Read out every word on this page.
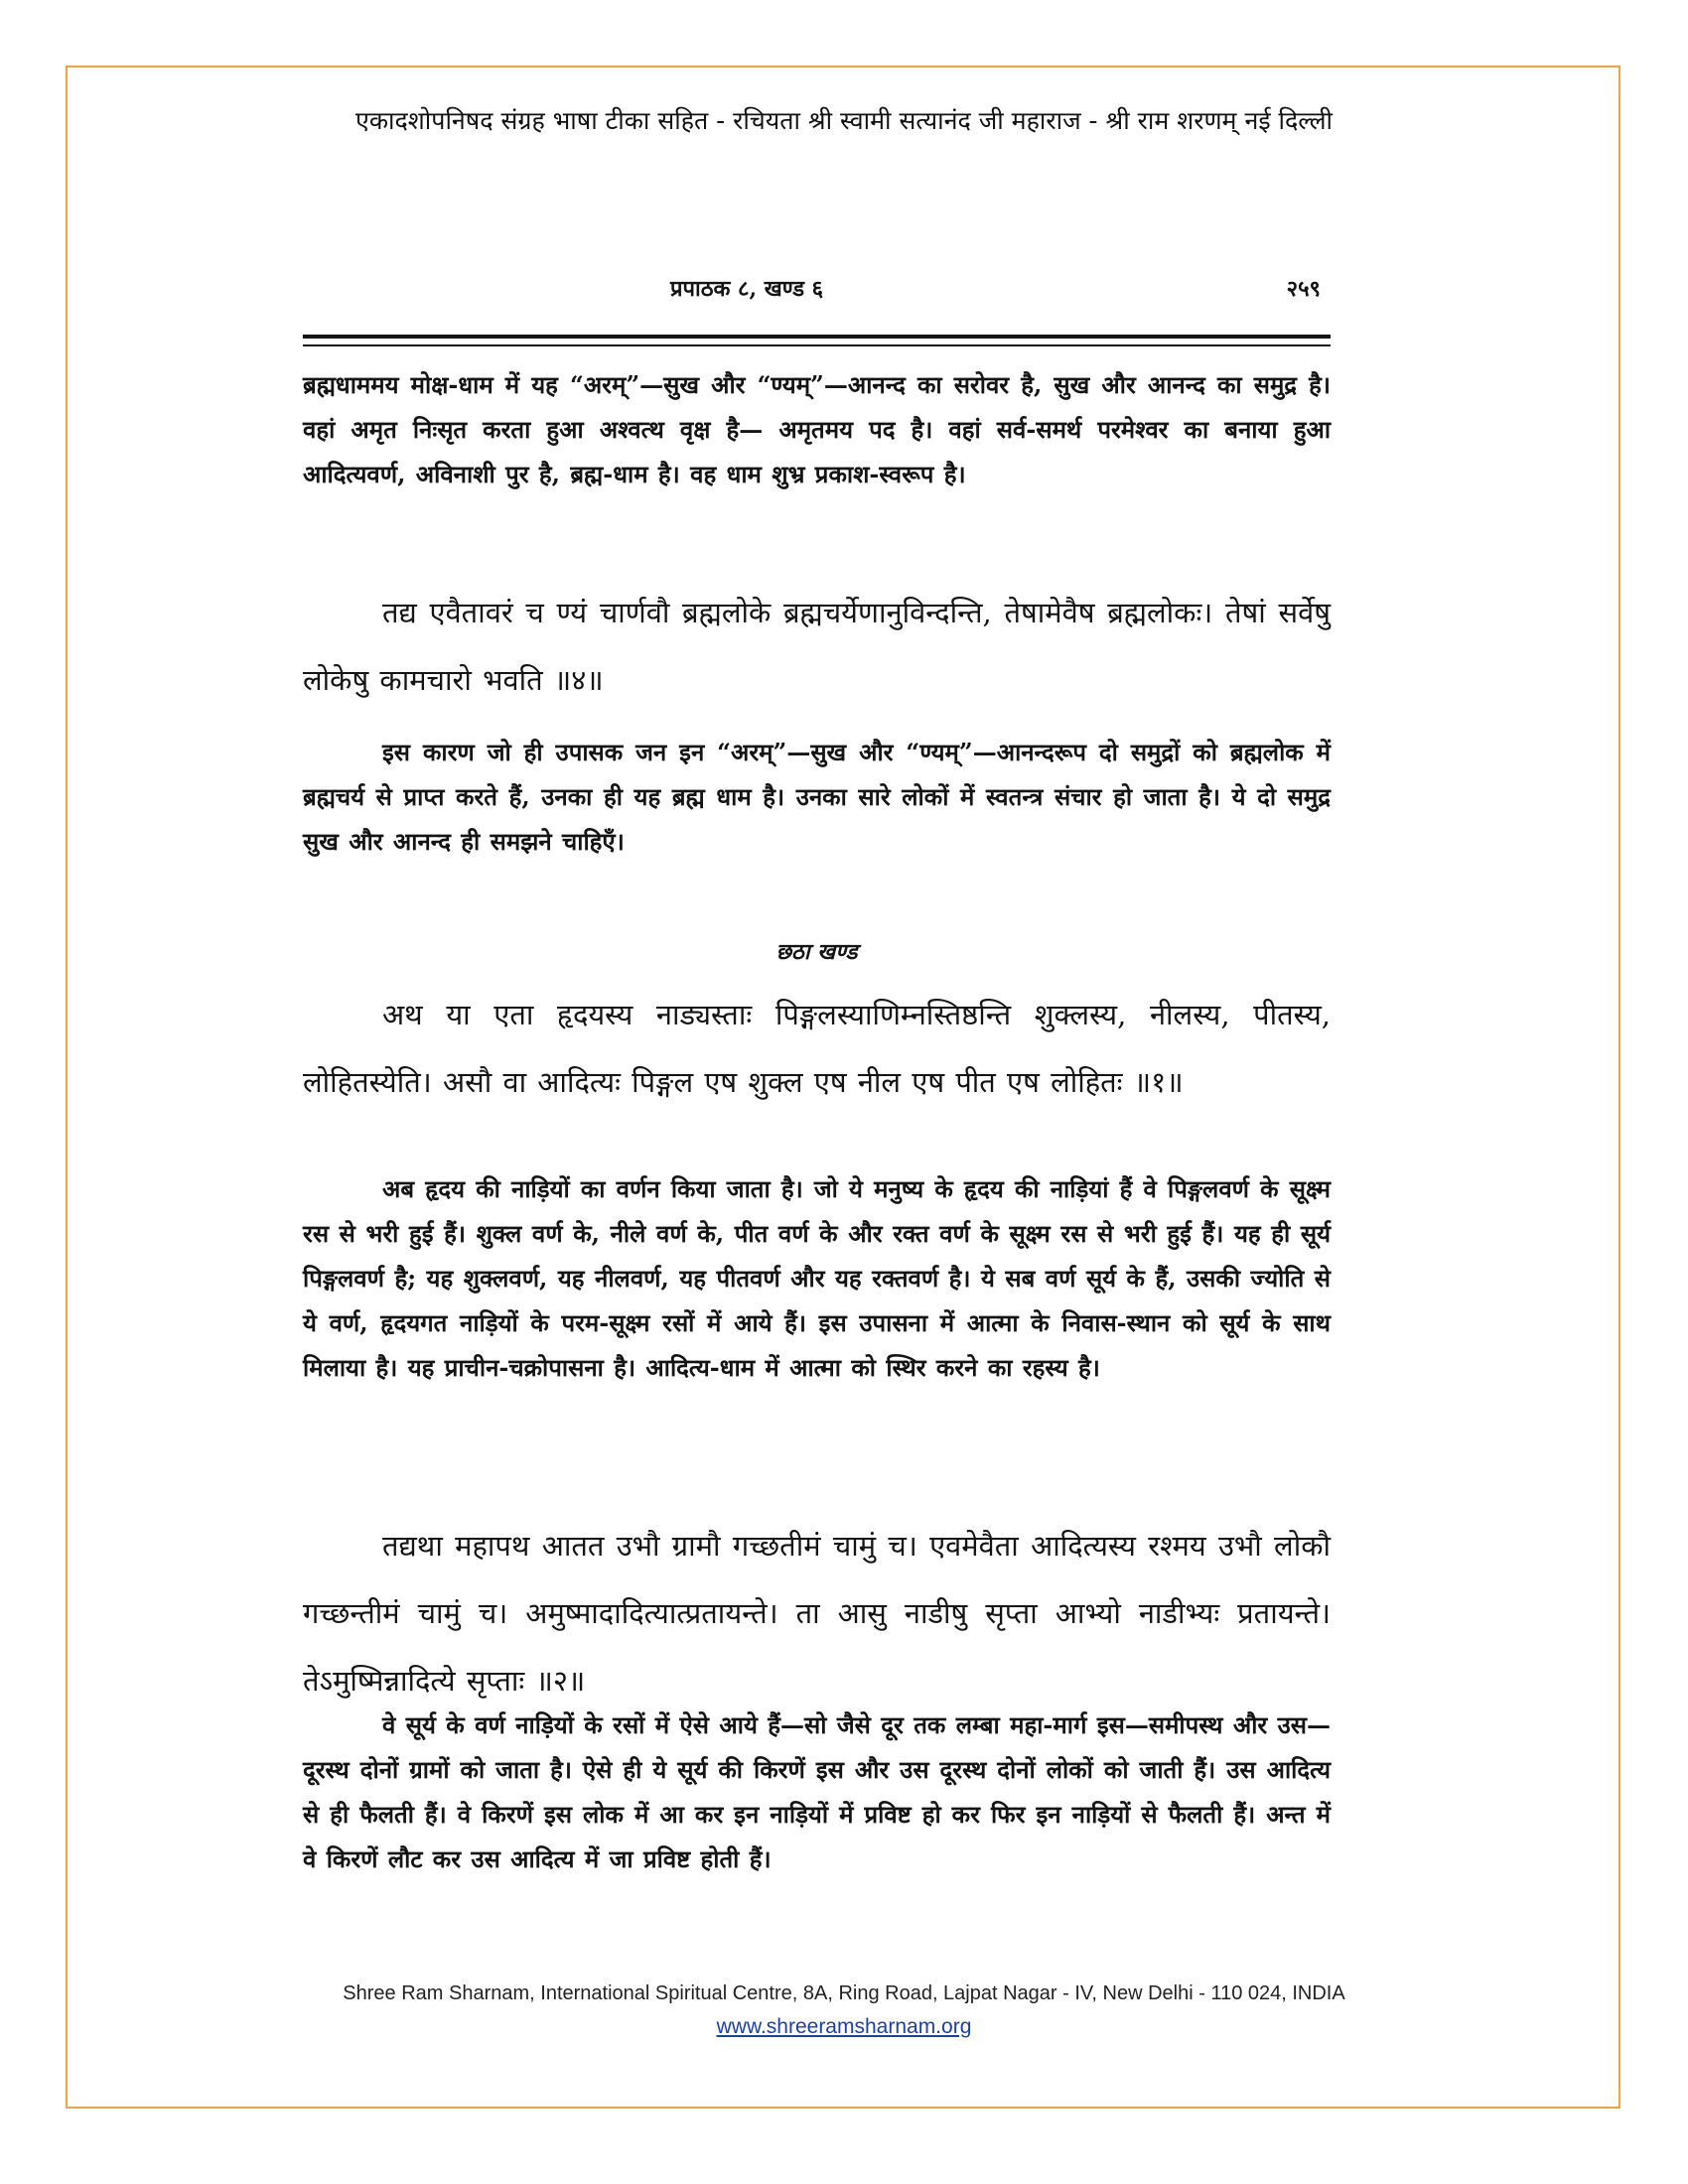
एकादशोपनिषद संग्रह भाषा टीका सहित - रचियता श्री स्वामी सत्यानंद जी महाराज - श्री राम शरणम् नई दिल्ली
प्रपाठक ८, खण्ड ६	२५९

ब्रह्मधाममय मोक्ष-धाम में यह “अरम्”—सुख और “ण्यम्”—आनन्द का सरोवर है, सुख और आनन्द का समुद्र है। वहां अमृत निःसृत करता हुआ अश्वत्थ वृक्ष है— अमृतमय पद है। वहां सर्व-समर्थ परमेश्वर का बनाया हुआ आदित्यवर्ण, अविनाशी पुर है, ब्रह्म-धाम है। वह धाम शुभ्र प्रकाश-स्वरूप है।

तद्य एवैतावरं च ण्यं चार्णवौ ब्रह्मलोके ब्रह्मचर्येणानुविन्दन्ति, तेषामेवैष ब्रह्मलोकः। तेषां सर्वेषु लोकेषु कामचारो भवति ॥४॥

इस कारण जो ही उपासक जन इन “अरम्”—सुख और “ण्यम्”—आनन्दरूप दो समुद्रों को ब्रह्मलोक में ब्रह्मचर्य से प्राप्त करते हैं, उनका ही यह ब्रह्म धाम है। उनका सारे लोकों में स्वतन्त्र संचार हो जाता है। ये दो समुद्र सुख और आनन्द ही समझने चाहिएँ।

छठा खण्ड

अथ या एता हृदयस्य नाड्यस्ताः पिङ्गलस्याणिम्नस्तिष्ठन्ति शुक्लस्य, नीलस्य, पीतस्य, लोहितस्येति। असौ वा आदित्यः पिङ्गल एष शुक्ल एष नील एष पीत एष लोहितः ॥१॥

अब हृदय की नाड़ियों का वर्णन किया जाता है। जो ये मनुष्य के हृदय की नाड़ियां हैं वे पिङ्गलवर्ण के सूक्ष्म रस से भरी हुई हैं। शुक्ल वर्ण के, नीले वर्ण के, पीत वर्ण के और रक्त वर्ण के सूक्ष्म रस से भरी हुई हैं। यह ही सूर्य पिङ्गलवर्ण है; यह शुक्लवर्ण, यह नीलवर्ण, यह पीतवर्ण और यह रक्तवर्ण है। ये सब वर्ण सूर्य के हैं, उसकी ज्योति से ये वर्ण, हृदयगत नाड़ियों के परम-सूक्ष्म रसों में आये हैं। इस उपासना में आत्मा के निवास-स्थान को सूर्य के साथ मिलाया है। यह प्राचीन-चक्रोपासना है। आदित्य-धाम में आत्मा को स्थिर करने का रहस्य है।

तद्यथा महापथ आतत उभौ ग्रामौ गच्छतीमं चामुं च। एवमेवैता आदित्यस्य रश्मय उभौ लोकौ गच्छन्तीमं चामुं च। अमुष्मादादित्यात्प्रतायन्ते। ता आसु नाडीषु सृप्ता आभ्यो नाडीभ्यः प्रतायन्ते। तेऽमुष्मिन्नादित्ये सृप्ताः ॥२॥

वे सूर्य के वर्ण नाड़ियों के रसों में ऐसे आये हैं—सो जैसे दूर तक लम्बा महा-मार्ग इस—समीपस्थ और उस—दूरस्थ दोनों ग्रामों को जाता है। ऐसे ही ये सूर्य की किरणें इस और उस दूरस्थ दोनों लोकों को जाती हैं। उस आदित्य से ही फैलती हैं। वे किरणें इस लोक में आ कर इन नाड़ियों में प्रविष्ट हो कर फिर इन नाड़ियों से फैलती हैं। अन्त में वे किरणें लौट कर उस आदित्य में जा प्रविष्ट होती हैं।

Shree Ram Sharnam, International Spiritual Centre, 8A, Ring Road, Lajpat Nagar - IV, New Delhi - 110 024, INDIA
www.shreeramsharnam.org
